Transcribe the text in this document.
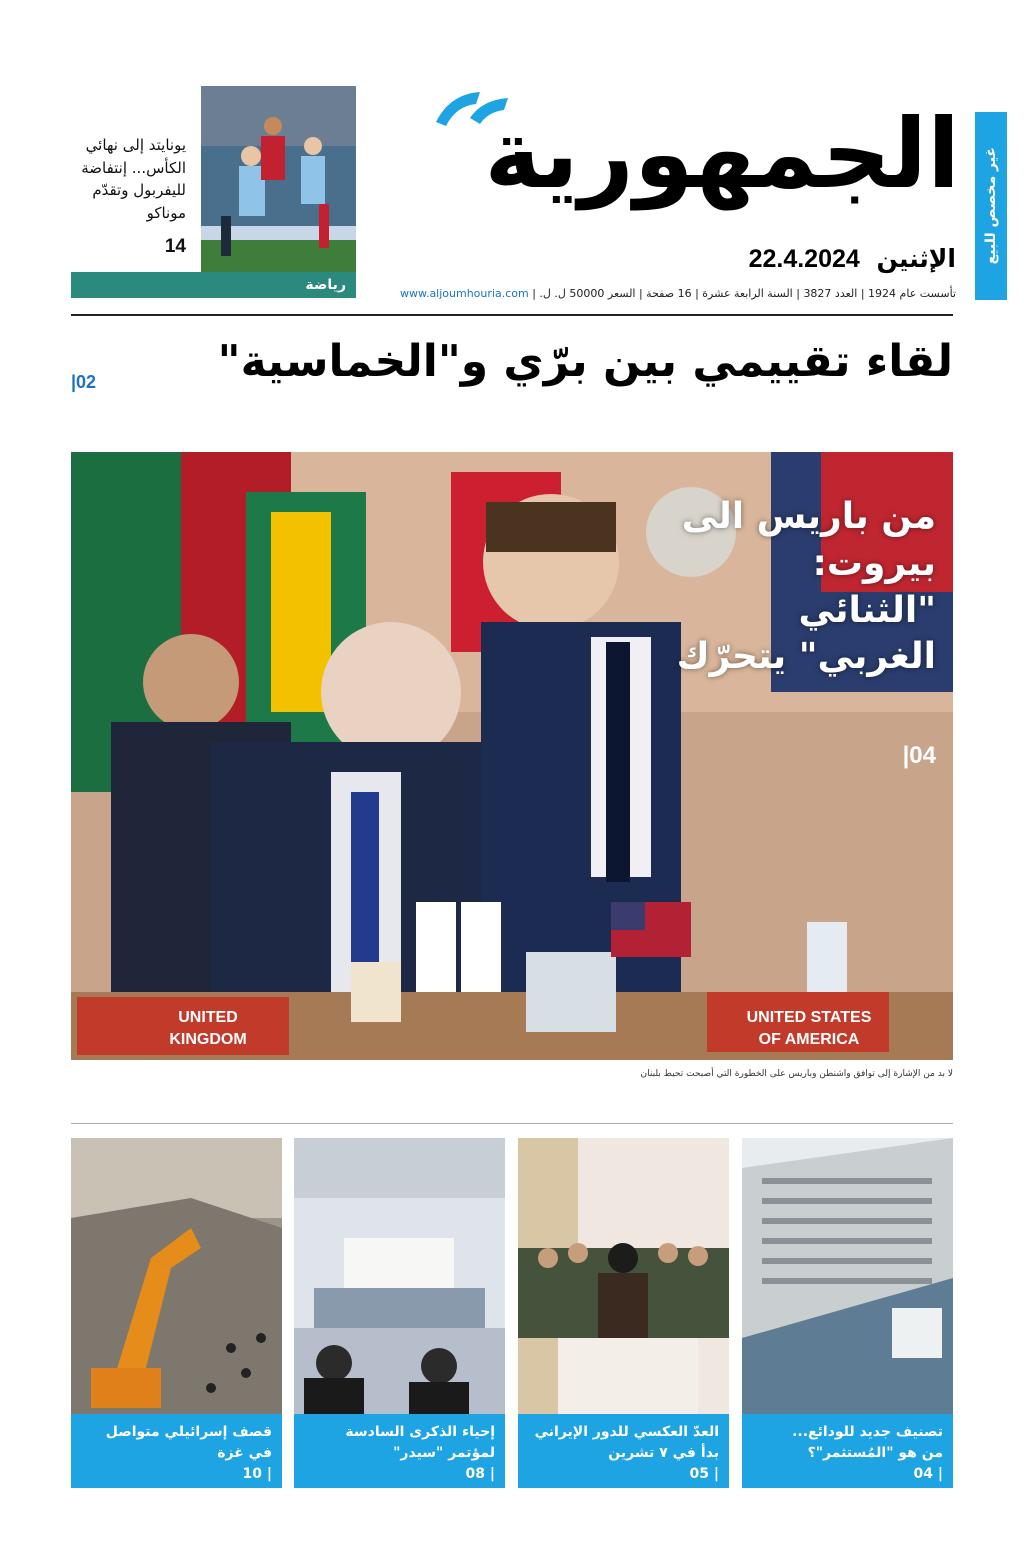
غير مخصص للبيع
الجمهورية
الإثنين 22.4.2024
تأسست عام 1924 | العدد 3827 | السنة الرابعة عشرة | 16 صفحة | السعر 50000 ل. ل. | www.aljoumhouria.com
يونايتد إلى نهائي الكأس... إنتفاضة لليفربول وتقدّم موناكو
14
رياضة
لقاء تقييمي بين برّي و"الخماسية"
02|
UNITED
KINGDOM
UNITED STATES
OF AMERICA
من باريس الى بيروت: "الثنائي الغربي" يتحرّك
04|
لا بد من الإشارة إلى توافق واشنطن وباريس على الخطورة التي أصبحت تحيط بلبنان
تصنيف جديد للودائع...
من هو "المُستثمر"؟
| 04
العدّ العكسي للدور الإيراني
بدأ في ٧ تشرين
| 05
إحياء الذكرى السادسة
لمؤتمر "سيدر"
| 08
قصف إسرائيلي متواصل
في غزة
| 10
